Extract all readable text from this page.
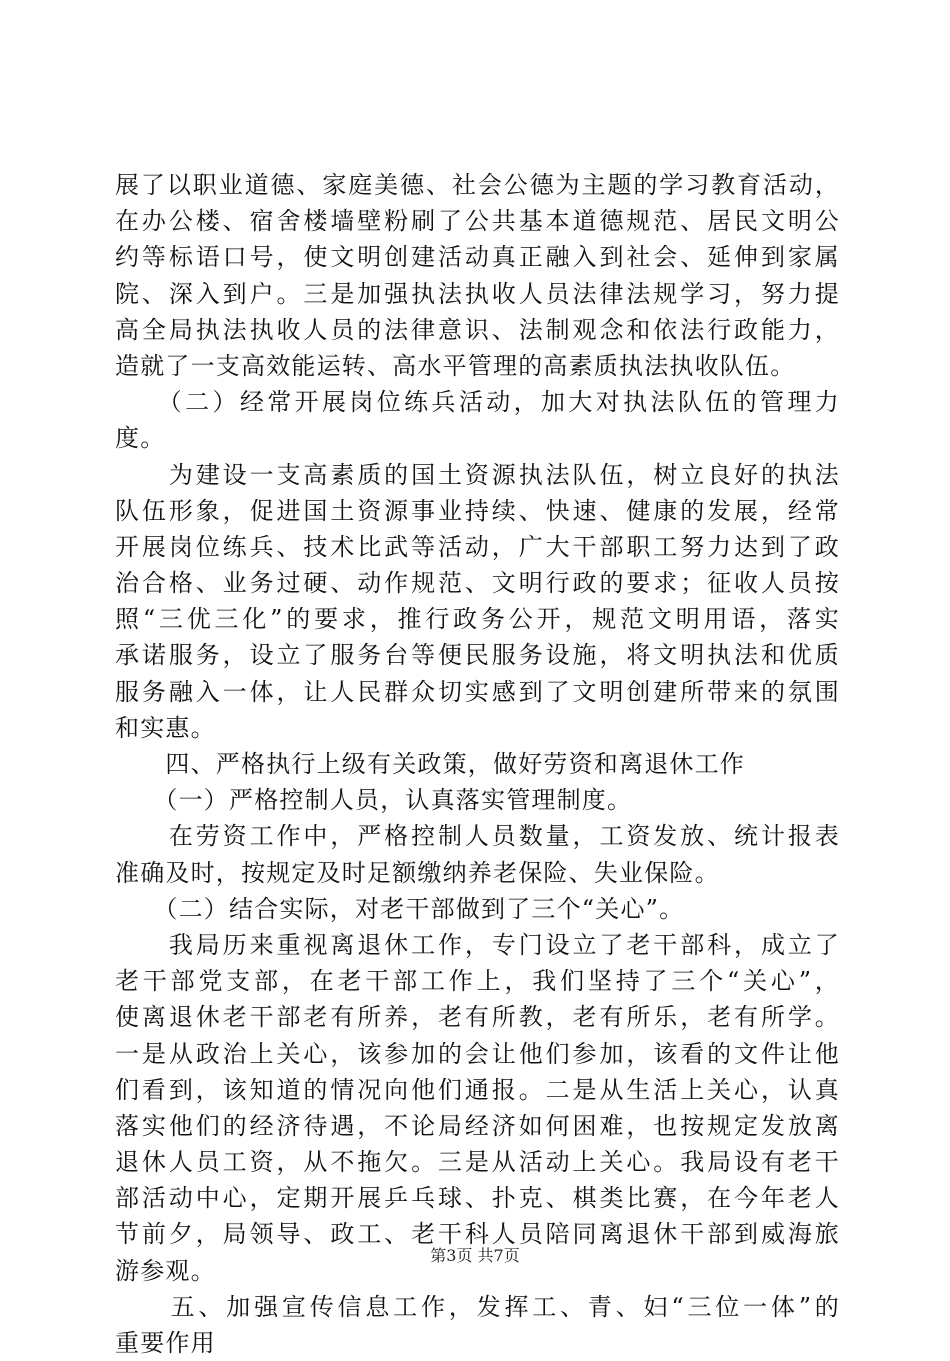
展了以职业道德、家庭美德、社会公德为主题的学习教育活动，
在办公楼、宿舍楼墙壁粉刷了公共基本道德规范、居民文明公
约等标语口号，使文明创建活动真正融入到社会、延伸到家属
院、深入到户。三是加强执法执收人员法律法规学习，努力提
高全局执法执收人员的法律意识、法制观念和依法行政能力，
造就了一支高效能运转、高水平管理的高素质执法执收队伍。
　　（二）经常开展岗位练兵活动，加大对执法队伍的管理力
度。
　　为建设一支高素质的国土资源执法队伍，树立良好的执法
队伍形象，促进国土资源事业持续、快速、健康的发展，经常
开展岗位练兵、技术比武等活动，广大干部职工努力达到了政
治合格、业务过硬、动作规范、文明行政的要求；征收人员按
照“三优三化”的要求，推行政务公开，规范文明用语，落实
承诺服务，设立了服务台等便民服务设施，将文明执法和优质
服务融入一体，让人民群众切实感到了文明创建所带来的氛围
和实惠。
　　四、严格执行上级有关政策，做好劳资和离退休工作
　　（一）严格控制人员，认真落实管理制度。
　　在劳资工作中，严格控制人员数量，工资发放、统计报表
准确及时，按规定及时足额缴纳养老保险、失业保险。
　　（二）结合实际，对老干部做到了三个“关心”。
　　我局历来重视离退休工作，专门设立了老干部科，成立了
老干部党支部，在老干部工作上，我们坚持了三个“关心”，
使离退休老干部老有所养，老有所教，老有所乐，老有所学。
一是从政治上关心，该参加的会让他们参加，该看的文件让他
们看到，该知道的情况向他们通报。二是从生活上关心，认真
落实他们的经济待遇，不论局经济如何困难，也按规定发放离
退休人员工资，从不拖欠。三是从活动上关心。我局设有老干
部活动中心，定期开展乒乓球、扑克、棋类比赛，在今年老人
节前夕，局领导、政工、老干科人员陪同离退休干部到威海旅
游参观。
　　五、加强宣传信息工作，发挥工、青、妇“三位一体”的
重要作用
第3页 共7页
